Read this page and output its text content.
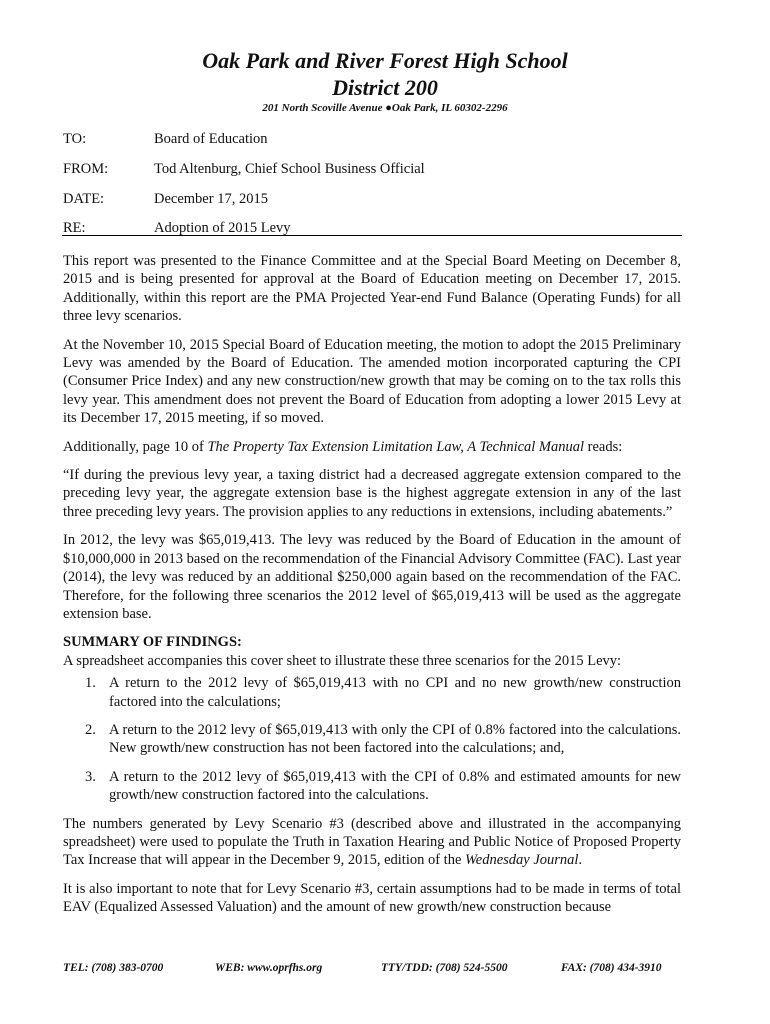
Oak Park and River Forest High School
District 200
201 North Scoville Avenue ●Oak Park, IL 60302-2296
TO:	Board of Education
FROM:	Tod Altenburg, Chief School Business Official
DATE:	December 17, 2015
RE:	Adoption of 2015 Levy

This report was presented to the Finance Committee and at the Special Board Meeting on December 8, 2015 and is being presented for approval at the Board of Education meeting on December 17, 2015. Additionally, within this report are the PMA Projected Year-end Fund Balance (Operating Funds) for all three levy scenarios.

At the November 10, 2015 Special Board of Education meeting, the motion to adopt the 2015 Preliminary Levy was amended by the Board of Education. The amended motion incorporated capturing the CPI (Consumer Price Index) and any new construction/new growth that may be coming on to the tax rolls this levy year. This amendment does not prevent the Board of Education from adopting a lower 2015 Levy at its December 17, 2015 meeting, if so moved.

Additionally, page 10 of The Property Tax Extension Limitation Law, A Technical Manual reads:

“If during the previous levy year, a taxing district had a decreased aggregate extension compared to the preceding levy year, the aggregate extension base is the highest aggregate extension in any of the last three preceding levy years. The provision applies to any reductions in extensions, including abatements.”

In 2012, the levy was $65,019,413. The levy was reduced by the Board of Education in the amount of $10,000,000 in 2013 based on the recommendation of the Financial Advisory Committee (FAC). Last year (2014), the levy was reduced by an additional $250,000 again based on the recommendation of the FAC. Therefore, for the following three scenarios the 2012 level of $65,019,413 will be used as the aggregate extension base.

SUMMARY OF FINDINGS:

A spreadsheet accompanies this cover sheet to illustrate these three scenarios for the 2015 Levy:

1. A return to the 2012 levy of $65,019,413 with no CPI and no new growth/new construction factored into the calculations;
2. A return to the 2012 levy of $65,019,413 with only the CPI of 0.8% factored into the calculations. New growth/new construction has not been factored into the calculations; and,
3. A return to the 2012 levy of $65,019,413 with the CPI of 0.8% and estimated amounts for new growth/new construction factored into the calculations.

The numbers generated by Levy Scenario #3 (described above and illustrated in the accompanying spreadsheet) were used to populate the Truth in Taxation Hearing and Public Notice of Proposed Property Tax Increase that will appear in the December 9, 2015, edition of the Wednesday Journal.

It is also important to note that for Levy Scenario #3, certain assumptions had to be made in terms of total EAV (Equalized Assessed Valuation) and the amount of new growth/new construction because

TEL: (708) 383-0700	WEB: www.oprfhs.org	TTY/TDD: (708) 524-5500	FAX: (708) 434-3910
